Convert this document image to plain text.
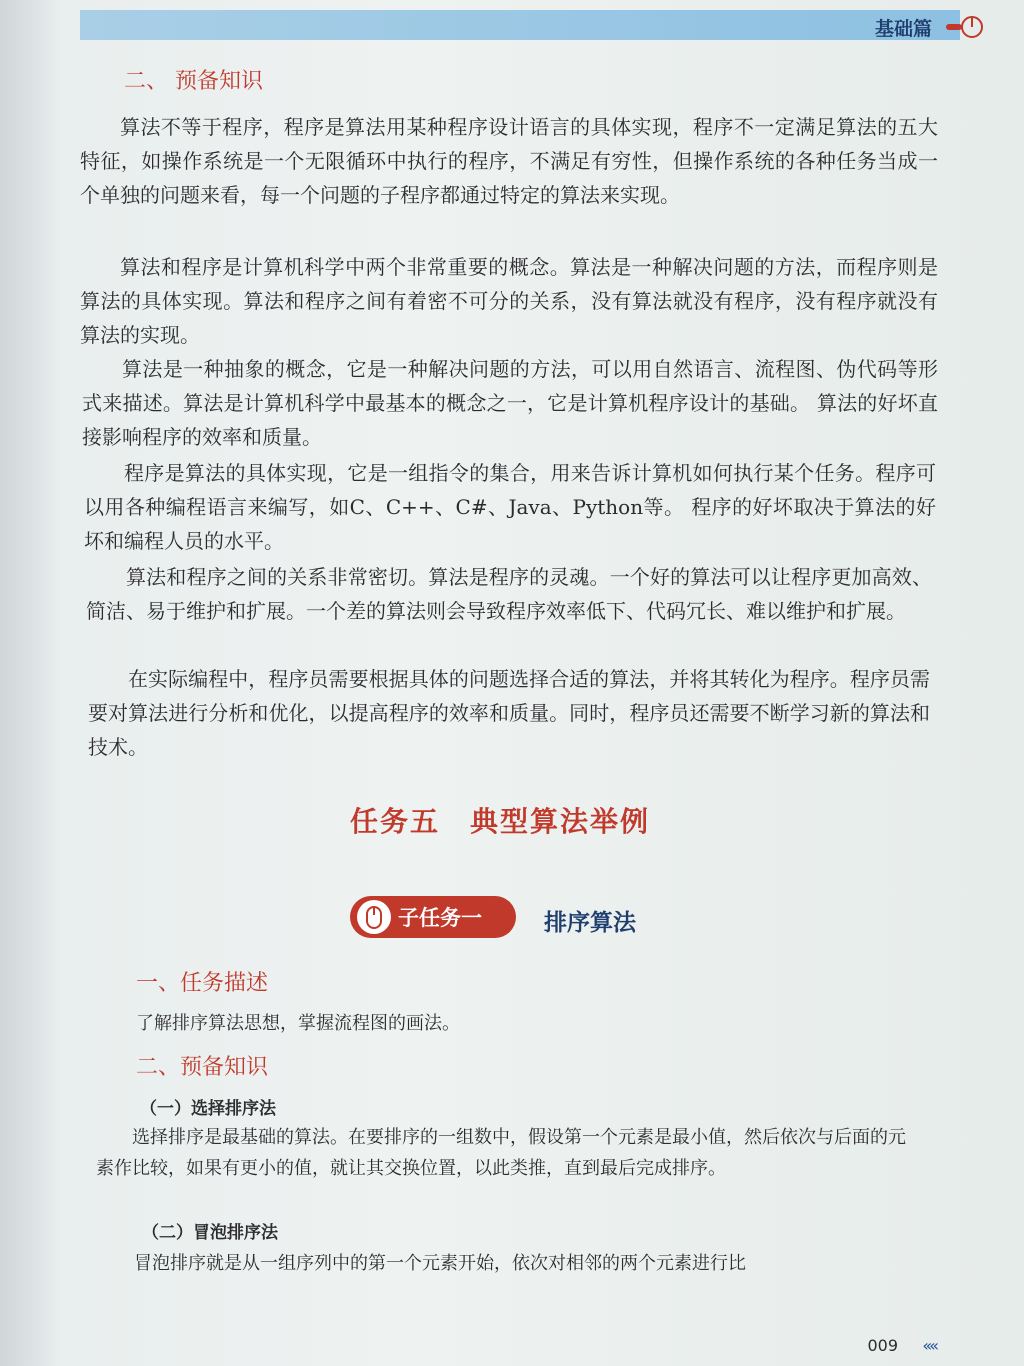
基础篇
二、 预备知识

算法不等于程序，程序是算法用某种程序设计语言的具体实现，程序不一定满足算法的五大特征，如操作系统是一个无限循环中执行的程序，不满足有穷性，但操作系统的各种任务当成一个单独的问题来看，每一个问题的子程序都通过特定的算法来实现。

算法和程序是计算机科学中两个非常重要的概念。算法是一种解决问题的方法，而程序则是算法的具体实现。算法和程序之间有着密不可分的关系，没有算法就没有程序，没有程序就没有算法的实现。

算法是一种抽象的概念，它是一种解决问题的方法，可以用自然语言、流程图、伪代码等形式来描述。算法是计算机科学中最基本的概念之一，它是计算机程序设计的基础。 算法的好坏直接影响程序的效率和质量。

程序是算法的具体实现，它是一组指令的集合，用来告诉计算机如何执行某个任务。程序可以用各种编程语言来编写，如C、C++、C#、Java、Python等。 程序的好坏取决于算法的好坏和编程人员的水平。

算法和程序之间的关系非常密切。算法是程序的灵魂。一个好的算法可以让程序更加高效、简洁、易于维护和扩展。一个差的算法则会导致程序效率低下、代码冗长、难以维护和扩展。

在实际编程中，程序员需要根据具体的问题选择合适的算法，并将其转化为程序。程序员需要对算法进行分析和优化，以提高程序的效率和质量。同时，程序员还需要不断学习新的算法和技术。

任务五　典型算法举例
子任务一	排序算法
一、任务描述
了解排序算法思想，掌握流程图的画法。
二、预备知识
（一）选择排序法

选择排序是最基础的算法。在要排序的一组数中，假设第一个元素是最小值，然后依次与后面的元素作比较，如果有更小的值，就让其交换位置，以此类推，直到最后完成排序。

（二）冒泡排序法

冒泡排序就是从一组序列中的第一个元素开始，依次对相邻的两个元素进行比

009 ‹‹‹‹
